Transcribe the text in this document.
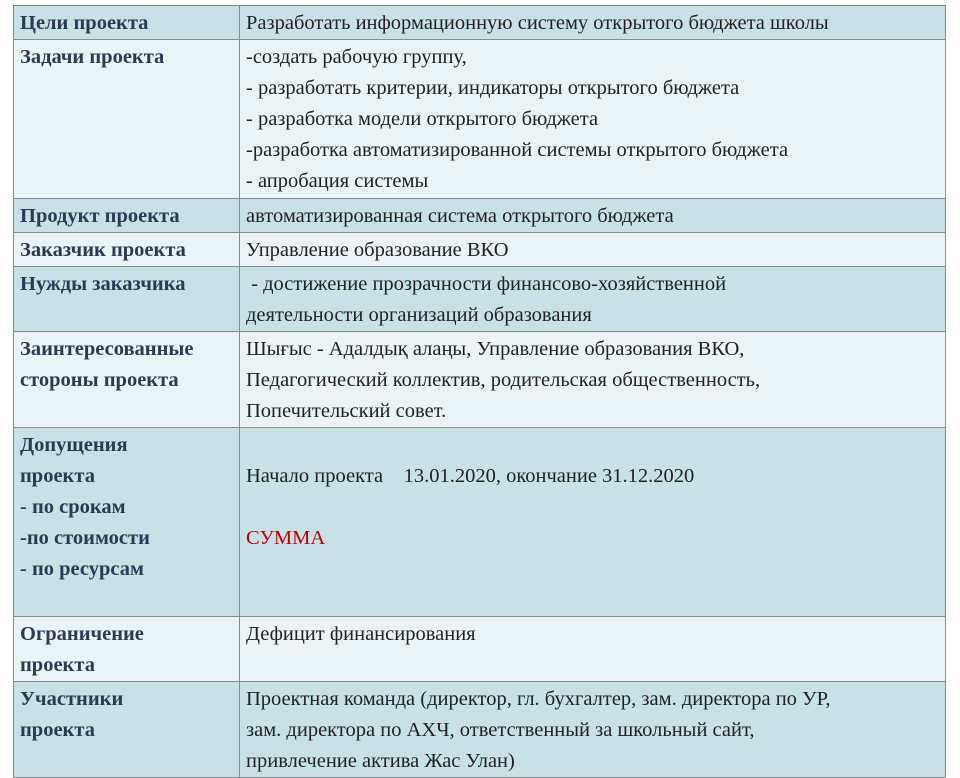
Цели проекта	Разработать информационную систему открытого бюджета школы

Задачи проекта	-создать рабочую группу,
- разработать критерии, индикаторы открытого бюджета
- разработка модели открытого бюджета
-разработка автоматизированной системы открытого бюджета
- апробация системы

Продукт проекта	автоматизированная система открытого бюджета

Заказчик проекта	Управление образование ВКО

Нужды заказчика	- достижение прозрачности финансово-хозяйственной
деятельности организаций образования

Заинтересованные стороны проекта	Шығыс - Адалдық алаңы, Управление образования ВКО,
Педагогический коллектив, родительская общественность,
Попечительский совет.

Допущения
проекта
- по срокам
-по стоимости
- по ресурсам	Начало проекта    13.01.2020, окончание 31.12.2020
СУММА

Ограничение
проекта	Дефицит финансирования

Участники
проекта	Проектная команда (директор, гл. бухгалтер, зам. директора по УР,
зам. директора по АХЧ, ответственный за школьный сайт,
привлечение актива Жас Улан)
